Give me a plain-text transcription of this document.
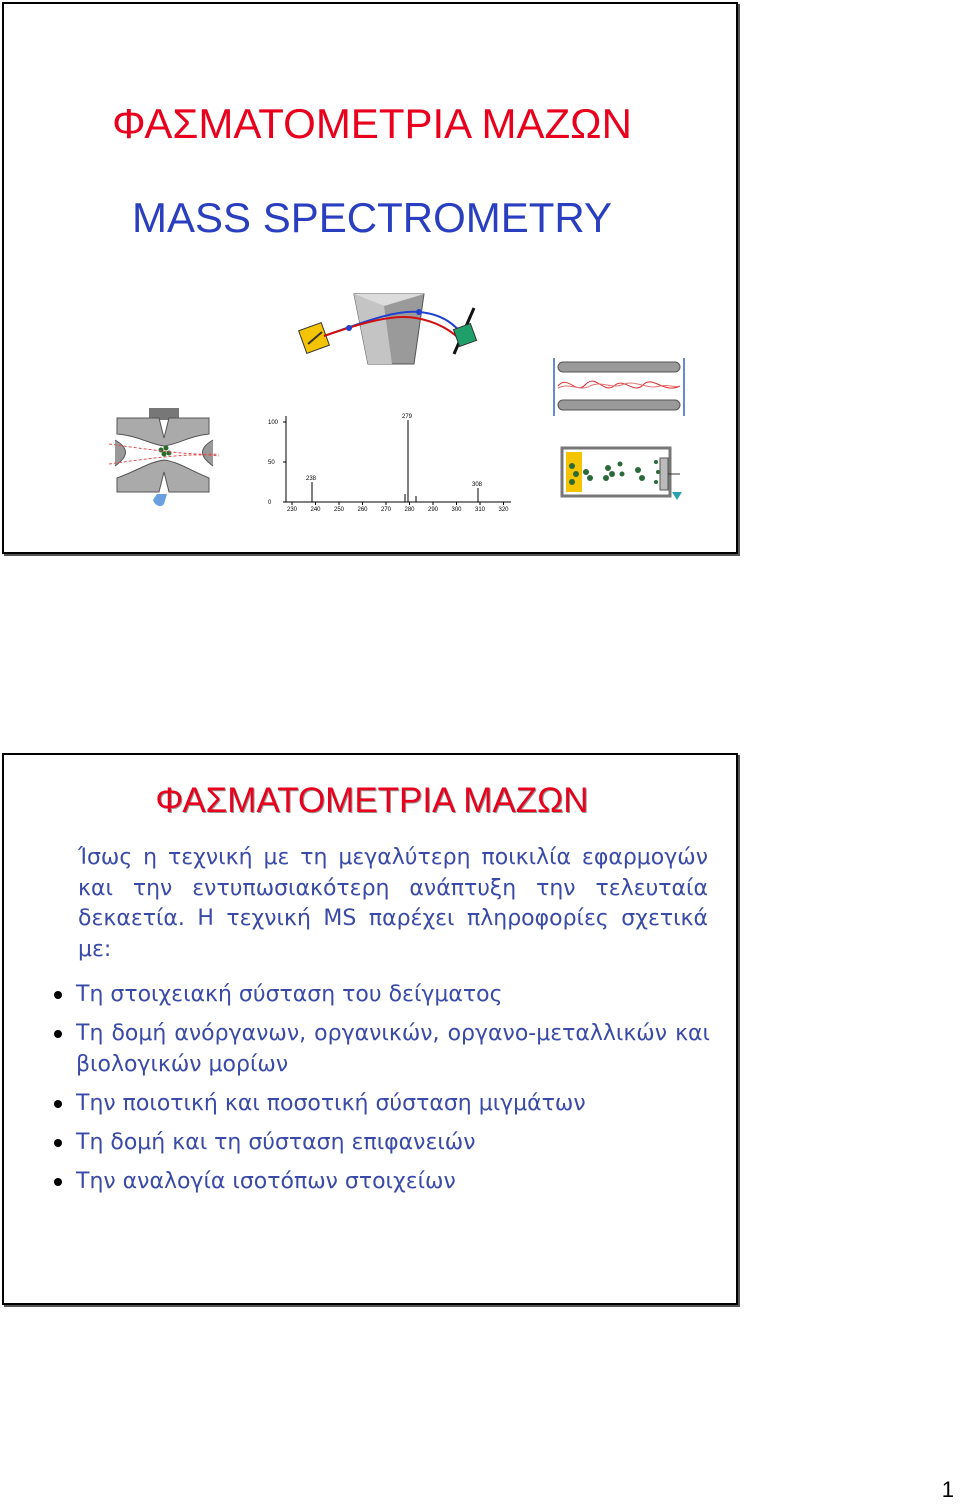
ΦΑΣΜΑΤΟΜΕΤΡΙΑ ΜΑΖΩΝ
MASS SPECTROMETRY
100
50
0
230 240 250 260 270 280 290 300 310 320
279
238
308
ΦΑΣΜΑΤΟΜΕΤΡΙΑ ΜΑΖΩΝ

Ίσως η τεχνική με τη μεγαλύτερη ποικιλία εφαρμογών και την εντυπωσιακότερη ανάπτυξη την τελευταία δεκαετία. Η τεχνική MS παρέχει πληροφορίες σχετικά με:

Τη στοιχειακή σύσταση του δείγματος
Τη δομή ανόργανων, οργανικών, οργανο-μεταλλικών και βιολογικών μορίων
Την ποιοτική και ποσοτική σύσταση μιγμάτων
Τη δομή και τη σύσταση επιφανειών
Την αναλογία ισοτόπων στοιχείων
1
